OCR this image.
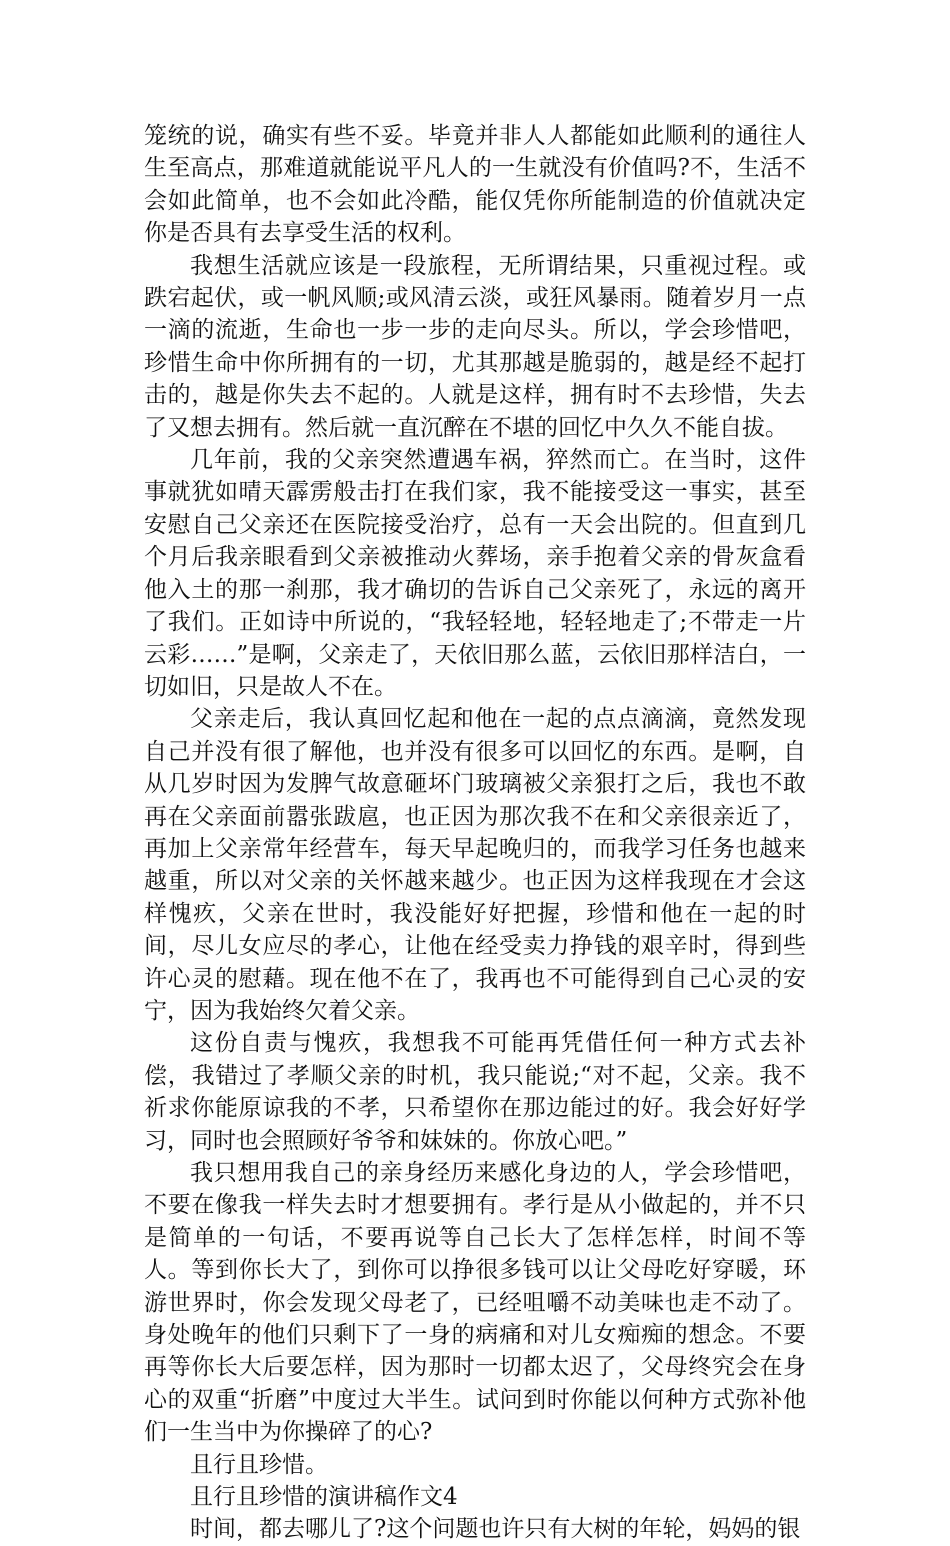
笼统的说，确实有些不妥。毕竟并非人人都能如此顺利的通往人生至高点，那难道就能说平凡人的一生就没有价值吗?不，生活不会如此简单，也不会如此冷酷，能仅凭你所能制造的价值就决定你是否具有去享受生活的权利。

我想生活就应该是一段旅程，无所谓结果，只重视过程。或跌宕起伏，或一帆风顺;或风清云淡，或狂风暴雨。随着岁月一点一滴的流逝，生命也一步一步的走向尽头。所以，学会珍惜吧，珍惜生命中你所拥有的一切，尤其那越是脆弱的，越是经不起打击的，越是你失去不起的。人就是这样，拥有时不去珍惜，失去了又想去拥有。然后就一直沉醉在不堪的回忆中久久不能自拔。

几年前，我的父亲突然遭遇车祸，猝然而亡。在当时，这件事就犹如晴天霹雳般击打在我们家，我不能接受这一事实，甚至安慰自己父亲还在医院接受治疗，总有一天会出院的。但直到几个月后我亲眼看到父亲被推动火葬场，亲手抱着父亲的骨灰盒看他入土的那一刹那，我才确切的告诉自己父亲死了，永远的离开了我们。正如诗中所说的，“我轻轻地，轻轻地走了;不带走一片云彩……”是啊，父亲走了，天依旧那么蓝，云依旧那样洁白，一切如旧，只是故人不在。

父亲走后，我认真回忆起和他在一起的点点滴滴，竟然发现自己并没有很了解他，也并没有很多可以回忆的东西。是啊，自从几岁时因为发脾气故意砸坏门玻璃被父亲狠打之后，我也不敢再在父亲面前嚣张跋扈，也正因为那次我不在和父亲很亲近了，再加上父亲常年经营车，每天早起晚归的，而我学习任务也越来越重，所以对父亲的关怀越来越少。也正因为这样我现在才会这样愧疚，父亲在世时，我没能好好把握，珍惜和他在一起的时间，尽儿女应尽的孝心，让他在经受卖力挣钱的艰辛时，得到些许心灵的慰藉。现在他不在了，我再也不可能得到自己心灵的安宁，因为我始终欠着父亲。

这份自责与愧疚，我想我不可能再凭借任何一种方式去补偿，我错过了孝顺父亲的时机，我只能说;“对不起，父亲。我不祈求你能原谅我的不孝，只希望你在那边能过的好。我会好好学习，同时也会照顾好爷爷和妹妹的。你放心吧。”

我只想用我自己的亲身经历来感化身边的人，学会珍惜吧，不要在像我一样失去时才想要拥有。孝行是从小做起的，并不只是简单的一句话，不要再说等自己长大了怎样怎样，时间不等人。等到你长大了，到你可以挣很多钱可以让父母吃好穿暖，环游世界时，你会发现父母老了，已经咀嚼不动美味也走不动了。身处晚年的他们只剩下了一身的病痛和对儿女痴痴的想念。不要再等你长大后要怎样，因为那时一切都太迟了，父母终究会在身心的双重“折磨”中度过大半生。试问到时你能以何种方式弥补他们一生当中为你操碎了的心?

且行且珍惜。

且行且珍惜的演讲稿作文4

时间，都去哪儿了?这个问题也许只有大树的年轮，妈妈的银
